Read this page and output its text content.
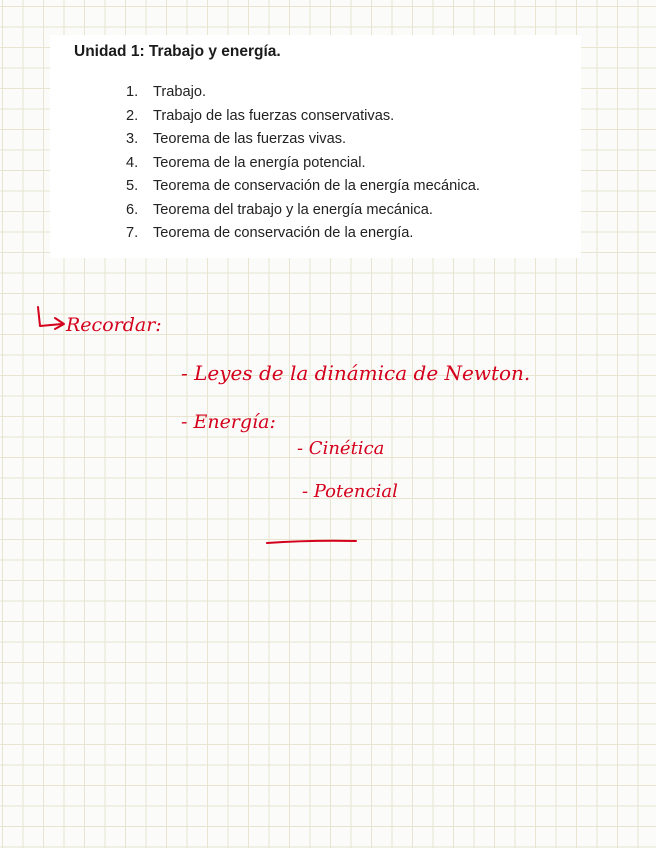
Unidad 1: Trabajo y energía.
1.	Trabajo.
2.	Trabajo de las fuerzas conservativas.
3.	Teorema de las fuerzas vivas.
4.	Teorema de la energía potencial.
5.	Teorema de conservación de la energía mecánica.
6.	Teorema del trabajo y la energía mecánica.
7.	Teorema de conservación de la energía.
Recordar:
- Leyes de la dinámica de Newton.
- Energía:
- Cinética
- Potencial
